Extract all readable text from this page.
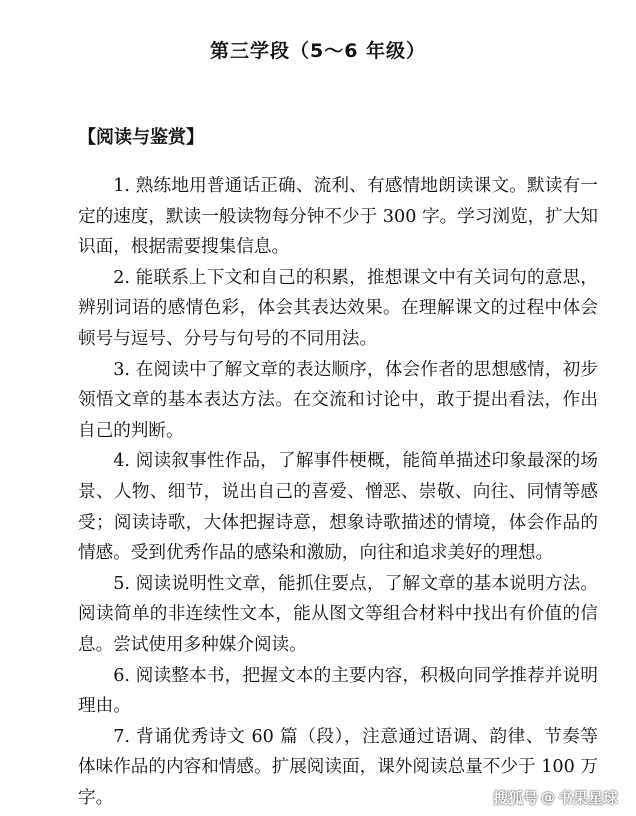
第三学段（5～6 年级）
【阅读与鉴赏】

1. 熟练地用普通话正确、流利、有感情地朗读课文。默读有一定的速度，默读一般读物每分钟不少于 300 字。学习浏览，扩大知识面，根据需要搜集信息。

2. 能联系上下文和自己的积累，推想课文中有关词句的意思，辨别词语的感情色彩，体会其表达效果。在理解课文的过程中体会顿号与逗号、分号与句号的不同用法。

3. 在阅读中了解文章的表达顺序，体会作者的思想感情，初步领悟文章的基本表达方法。在交流和讨论中，敢于提出看法，作出自己的判断。

4. 阅读叙事性作品，了解事件梗概，能简单描述印象最深的场景、人物、细节，说出自己的喜爱、憎恶、崇敬、向往、同情等感受；阅读诗歌，大体把握诗意，想象诗歌描述的情境，体会作品的情感。受到优秀作品的感染和激励，向往和追求美好的理想。

5. 阅读说明性文章，能抓住要点，了解文章的基本说明方法。阅读简单的非连续性文本，能从图文等组合材料中找出有价值的信息。尝试使用多种媒介阅读。

6. 阅读整本书，把握文本的主要内容，积极向同学推荐并说明理由。

7. 背诵优秀诗文 60 篇（段），注意通过语调、韵律、节奏等体味作品的内容和情感。扩展阅读面，课外阅读总量不少于 100 万字。	搜狐号 @ 书果星球
